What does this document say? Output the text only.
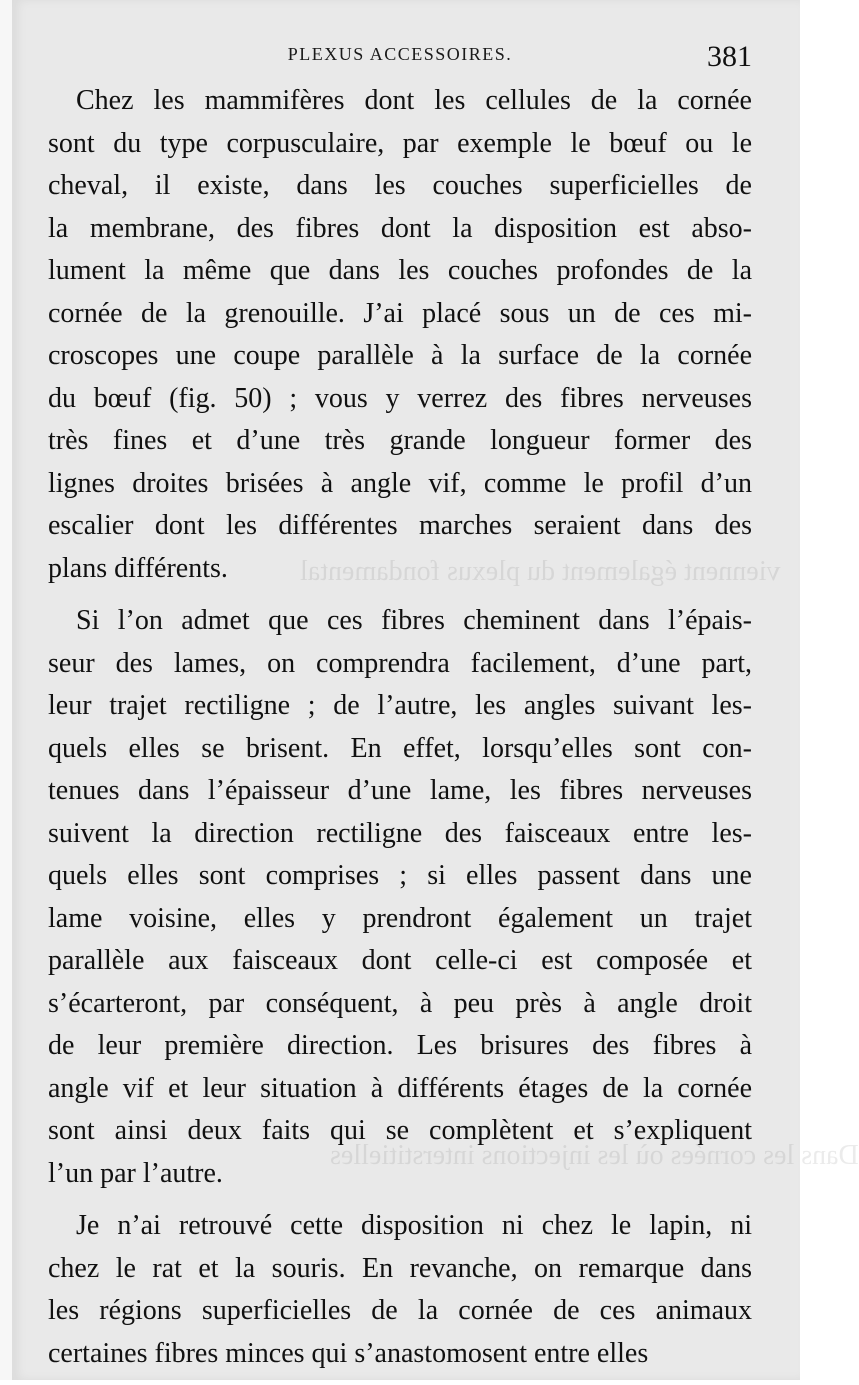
Dans
PLEXUS ACCESSOIRES.	381
Chez les mammifères dont les cellules de la cornée
sont du type corpusculaire, par exemple le bœuf ou le
cheval, il existe, dans les couches superficielles de
la membrane, des fibres dont la disposition est abso-
lument la même que dans les couches profondes de la
cornée de la grenouille. J’ai placé sous un de ces mi-
croscopes une coupe parallèle à la surface de la cornée
du bœuf (fig. 50) ; vous y verrez des fibres nerveuses
très fines et d’une très grande longueur former des
lignes droites brisées à angle vif, comme le profil d’un
escalier dont les différentes marches seraient dans des
plans différents.
Si l’on admet que ces fibres cheminent dans l’épais-
seur des lames, on comprendra facilement, d’une part,
leur trajet rectiligne ; de l’autre, les angles suivant les-
quels elles se brisent. En effet, lorsqu’elles sont con-
tenues dans l’épaisseur d’une lame, les fibres nerveuses
suivent la direction rectiligne des faisceaux entre les-
quels elles sont comprises ; si elles passent dans une
lame voisine, elles y prendront également un trajet
parallèle aux faisceaux dont celle-ci est composée et
s’écarteront, par conséquent, à peu près à angle droit
de leur première direction. Les brisures des fibres à
angle vif et leur situation à différents étages de la cornée
sont ainsi deux faits qui se complètent et s’expliquent
l’un par l’autre.
Je n’ai retrouvé cette disposition ni chez le lapin, ni
chez le rat et la souris. En revanche, on remarque dans
les régions superficielles de la cornée de ces animaux
certaines fibres minces qui s’anastomosent entre elles
